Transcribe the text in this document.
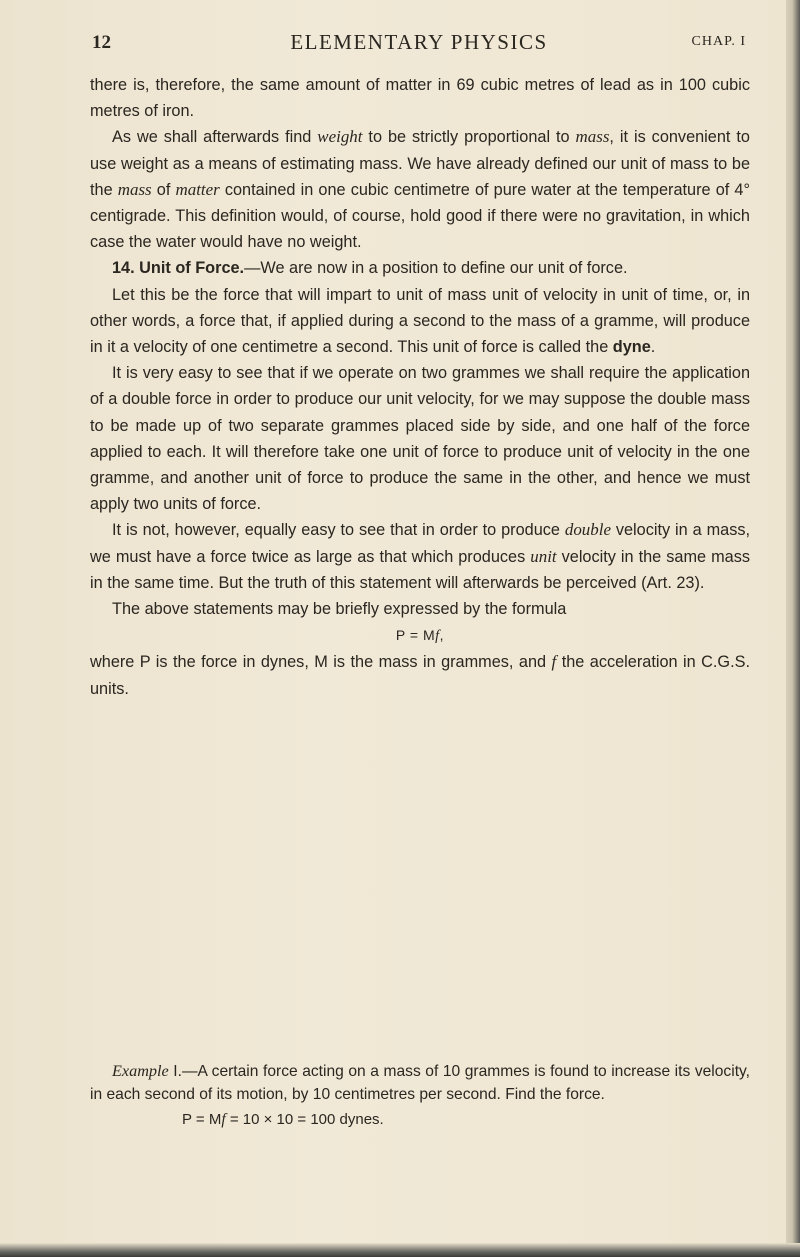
12	ELEMENTARY PHYSICS	CHAP. I

there is, therefore, the same amount of matter in 69 cubic metres of lead as in 100 cubic metres of iron.

As we shall afterwards find weight to be strictly proportional to mass, it is convenient to use weight as a means of estimating mass. We have already defined our unit of mass to be the mass of matter contained in one cubic centimetre of pure water at the temperature of 4° centigrade. This definition would, of course, hold good if there were no gravitation, in which case the water would have no weight.

14. Unit of Force.—We are now in a position to define our unit of force.

Let this be the force that will impart to unit of mass unit of velocity in unit of time, or, in other words, a force that, if applied during a second to the mass of a gramme, will produce in it a velocity of one centimetre a second. This unit of force is called the dyne.

It is very easy to see that if we operate on two grammes we shall require the application of a double force in order to produce our unit velocity, for we may suppose the double mass to be made up of two separate grammes placed side by side, and one half of the force applied to each. It will therefore take one unit of force to produce unit of velocity in the one gramme, and another unit of force to produce the same in the other, and hence we must apply two units of force.

It is not, however, equally easy to see that in order to produce double velocity in a mass, we must have a force twice as large as that which produces unit velocity in the same mass in the same time. But the truth of this statement will afterwards be perceived (Art. 23).

The above statements may be briefly expressed by the formula

P = Mf,

where P is the force in dynes, M is the mass in grammes, and f the acceleration in C.G.S. units.

Example I.—A certain force acting on a mass of 10 grammes is found to increase its velocity, in each second of its motion, by 10 centimetres per second. Find the force.

P = Mf = 10 × 10 = 100 dynes.
